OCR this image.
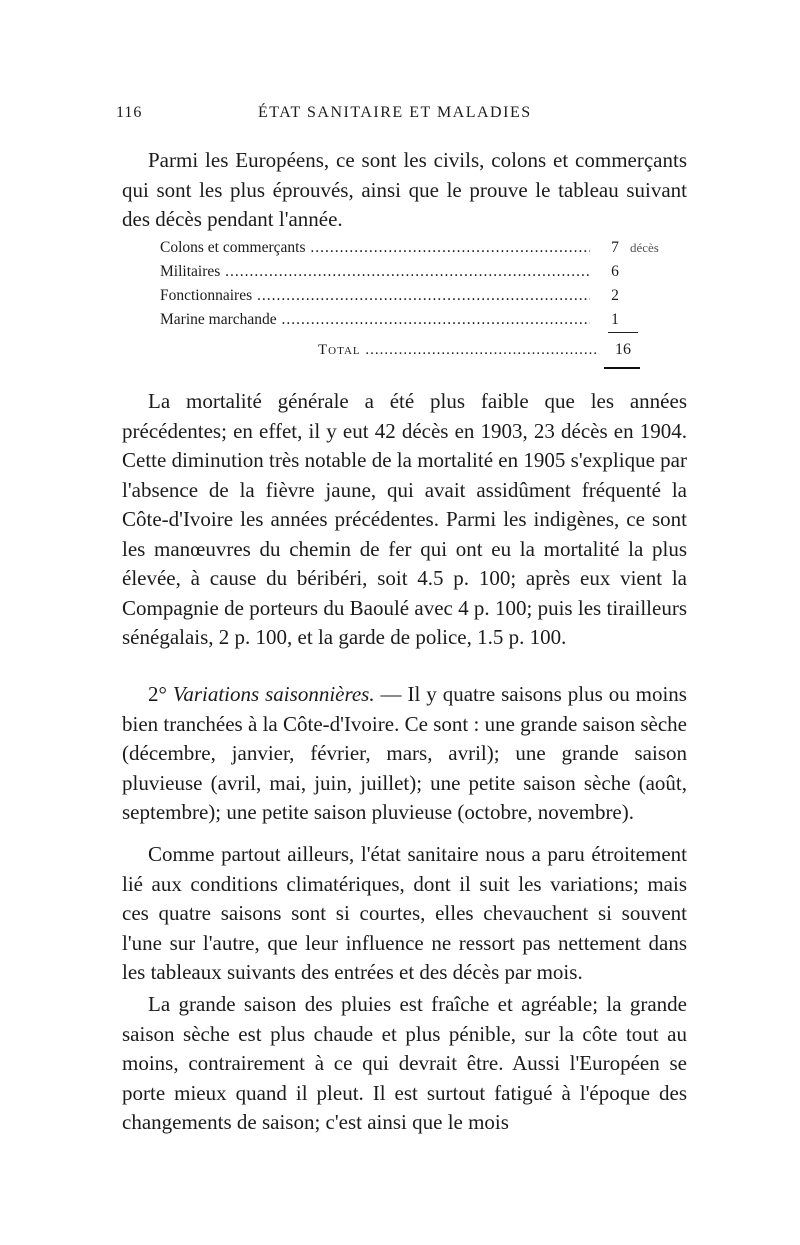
116	ÉTAT SANITAIRE ET MALADIES

Parmi les Européens, ce sont les civils, colons et commerçants qui sont les plus éprouvés, ainsi que le prouve le tableau suivant des décès pendant l'année.

Colons et commerçants .....	7 décès
Militaires .....	6
Fonctionnaires .....	2
Marine marchande .....	1
Total .....	16

La mortalité générale a été plus faible que les années précédentes; en effet, il y eut 42 décès en 1903, 23 décès en 1904. Cette diminution très notable de la mortalité en 1905 s'explique par l'absence de la fièvre jaune, qui avait assidûment fréquenté la Côte-d'Ivoire les années précédentes. Parmi les indigènes, ce sont les manœuvres du chemin de fer qui ont eu la mortalité la plus élevée, à cause du béribéri, soit 4.5 p. 100; après eux vient la Compagnie de porteurs du Baoulé avec 4 p. 100; puis les tirailleurs sénégalais, 2 p. 100, et la garde de police, 1.5 p. 100.

2° Variations saisonnières. — Il y quatre saisons plus ou moins bien tranchées à la Côte-d'Ivoire. Ce sont : une grande saison sèche (décembre, janvier, février, mars, avril); une grande saison pluvieuse (avril, mai, juin, juillet); une petite saison sèche (août, septembre); une petite saison pluvieuse (octobre, novembre).

Comme partout ailleurs, l'état sanitaire nous a paru étroitement lié aux conditions climatériques, dont il suit les variations; mais ces quatre saisons sont si courtes, elles chevauchent si souvent l'une sur l'autre, que leur influence ne ressort pas nettement dans les tableaux suivants des entrées et des décès par mois.

La grande saison des pluies est fraîche et agréable; la grande saison sèche est plus chaude et plus pénible, sur la côte tout au moins, contrairement à ce qui devrait être. Aussi l'Européen se porte mieux quand il pleut. Il est surtout fatigué à l'époque des changements de saison; c'est ainsi que le mois
